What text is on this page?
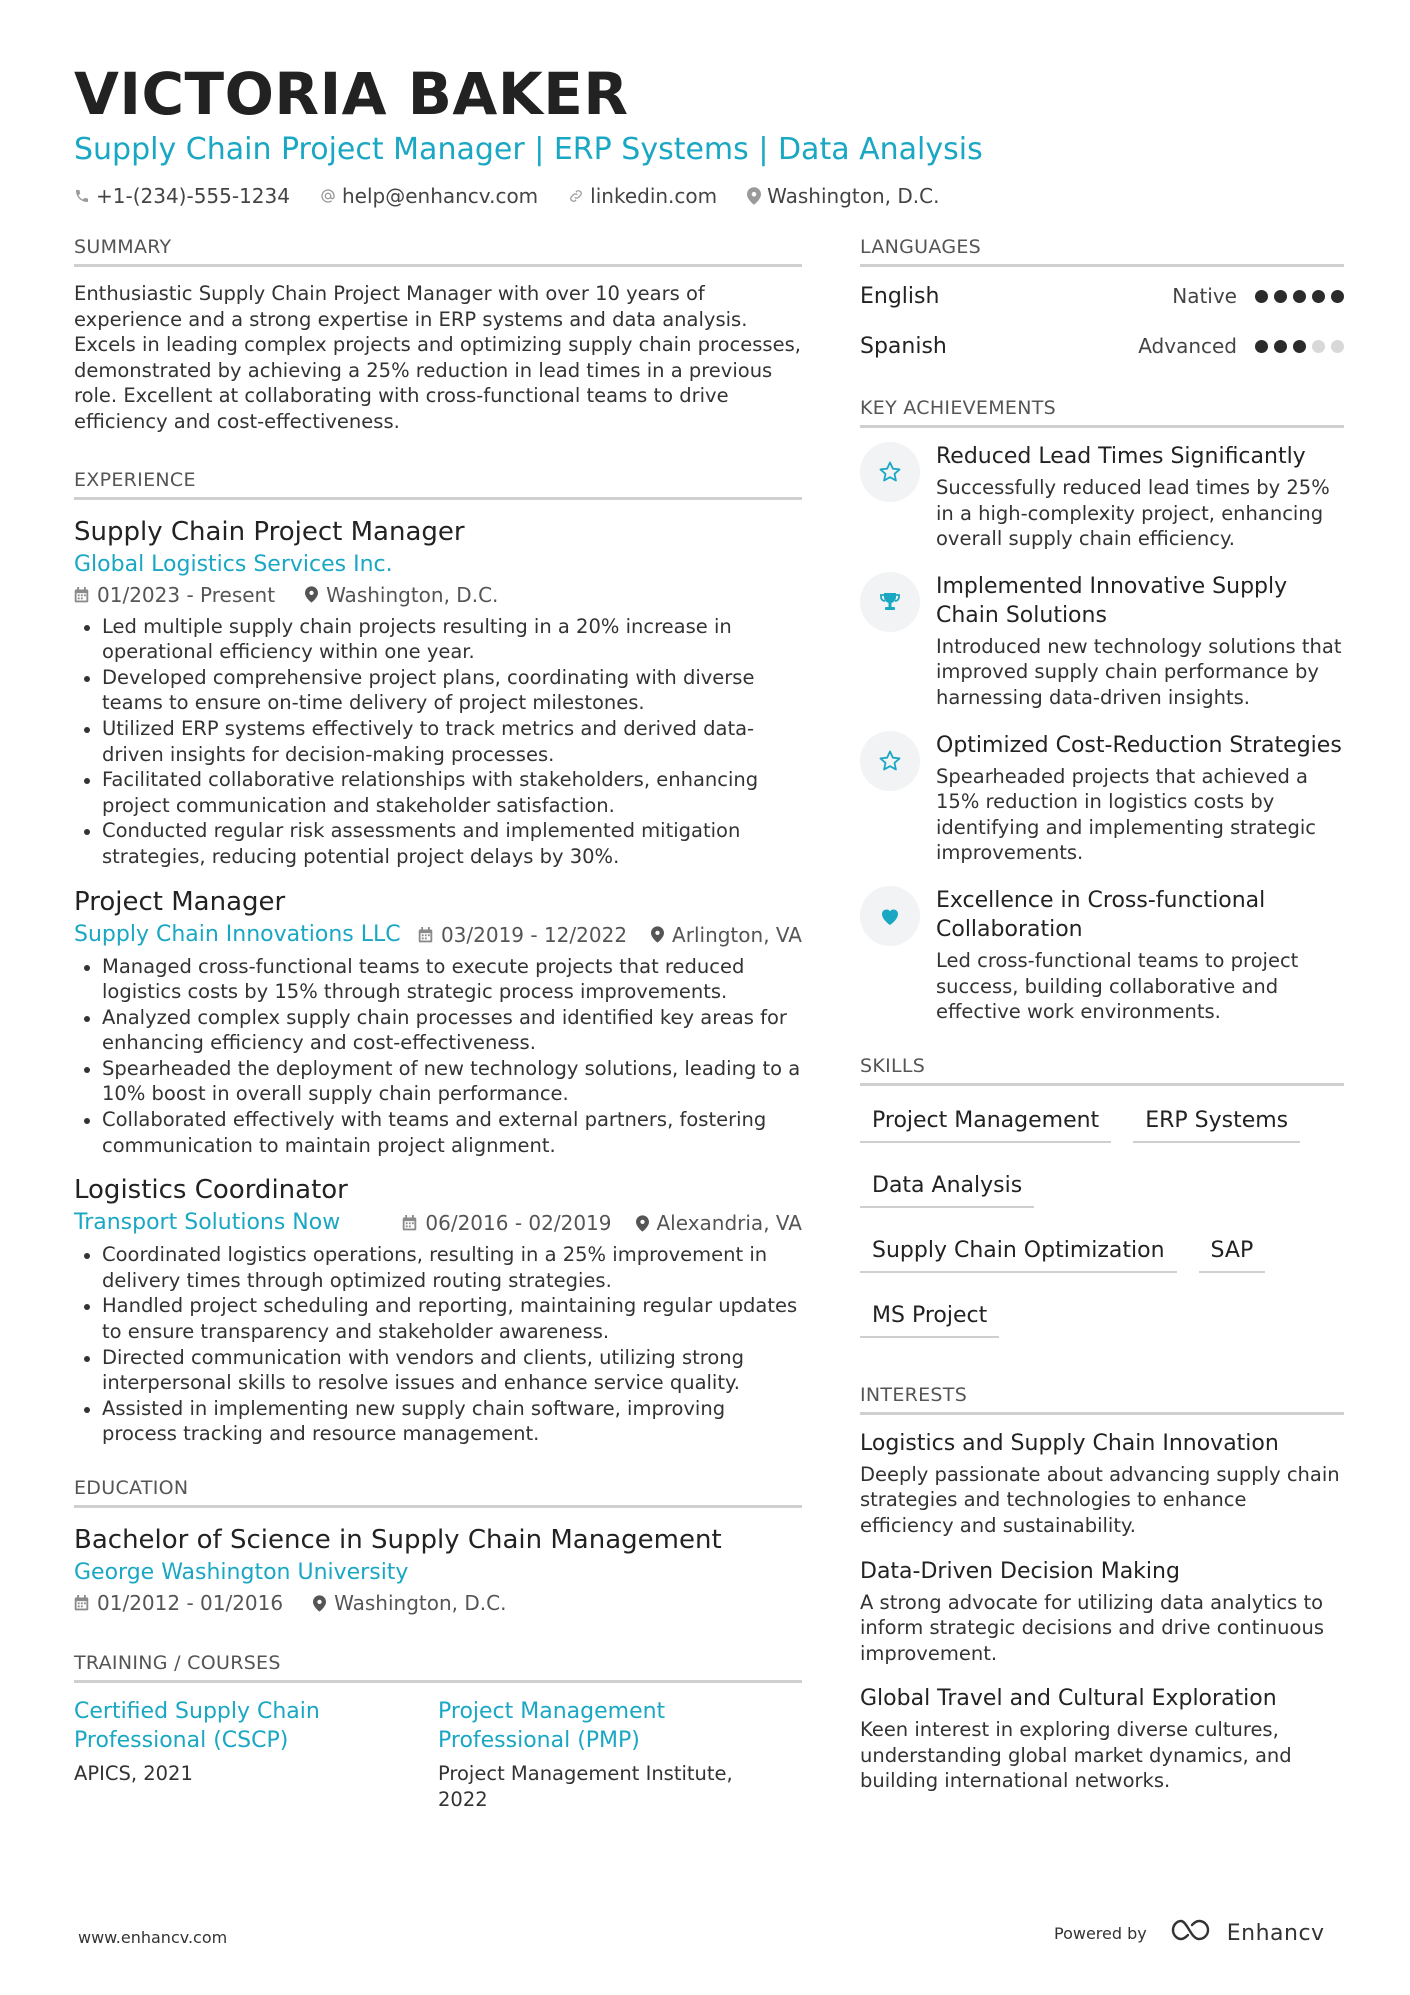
VICTORIA BAKER
Supply Chain Project Manager | ERP Systems | Data Analysis
+1-(234)-555-1234	help@enhancv.com	linkedin.com	Washington, D.C.
SUMMARY
Enthusiastic Supply Chain Project Manager with over 10 years of experience and a strong expertise in ERP systems and data analysis. Excels in leading complex projects and optimizing supply chain processes, demonstrated by achieving a 25% reduction in lead times in a previous role. Excellent at collaborating with cross-functional teams to drive efficiency and cost-effectiveness.
EXPERIENCE
Supply Chain Project Manager
Global Logistics Services Inc.
01/2023 - Present	Washington, D.C.
Led multiple supply chain projects resulting in a 20% increase in operational efficiency within one year.
Developed comprehensive project plans, coordinating with diverse teams to ensure on-time delivery of project milestones.
Utilized ERP systems effectively to track metrics and derived data-driven insights for decision-making processes.
Facilitated collaborative relationships with stakeholders, enhancing project communication and stakeholder satisfaction.
Conducted regular risk assessments and implemented mitigation strategies, reducing potential project delays by 30%.
Project Manager
Supply Chain Innovations LLC 03/2019 - 12/2022 Arlington, VA
Managed cross-functional teams to execute projects that reduced logistics costs by 15% through strategic process improvements.
Analyzed complex supply chain processes and identified key areas for enhancing efficiency and cost-effectiveness.
Spearheaded the deployment of new technology solutions, leading to a 10% boost in overall supply chain performance.
Collaborated effectively with teams and external partners, fostering communication to maintain project alignment.
Logistics Coordinator
Transport Solutions Now	06/2016 - 02/2019 Alexandria, VA
Coordinated logistics operations, resulting in a 25% improvement in delivery times through optimized routing strategies.
Handled project scheduling and reporting, maintaining regular updates to ensure transparency and stakeholder awareness.
Directed communication with vendors and clients, utilizing strong interpersonal skills to resolve issues and enhance service quality.
Assisted in implementing new supply chain software, improving process tracking and resource management.
EDUCATION
Bachelor of Science in Supply Chain Management
George Washington University
01/2012 - 01/2016	Washington, D.C.
TRAINING / COURSES
Certified Supply Chain Professional (CSCP)
APICS, 2021
Project Management Professional (PMP)
Project Management Institute, 2022
LANGUAGES
English	Native
Spanish	Advanced
KEY ACHIEVEMENTS
Reduced Lead Times Significantly
Successfully reduced lead times by 25% in a high-complexity project, enhancing overall supply chain efficiency.
Implemented Innovative Supply Chain Solutions
Introduced new technology solutions that improved supply chain performance by harnessing data-driven insights.
Optimized Cost-Reduction Strategies
Spearheaded projects that achieved a 15% reduction in logistics costs by identifying and implementing strategic improvements.
Excellence in Cross-functional Collaboration
Led cross-functional teams to project success, building collaborative and effective work environments.
SKILLS
Project Management	ERP Systems
Data Analysis
Supply Chain Optimization	SAP
MS Project
INTERESTS
Logistics and Supply Chain Innovation
Deeply passionate about advancing supply chain strategies and technologies to enhance efficiency and sustainability.
Data-Driven Decision Making
A strong advocate for utilizing data analytics to inform strategic decisions and drive continuous improvement.
Global Travel and Cultural Exploration
Keen interest in exploring diverse cultures, understanding global market dynamics, and building international networks.
www.enhancv.com	Powered by	Enhancv
